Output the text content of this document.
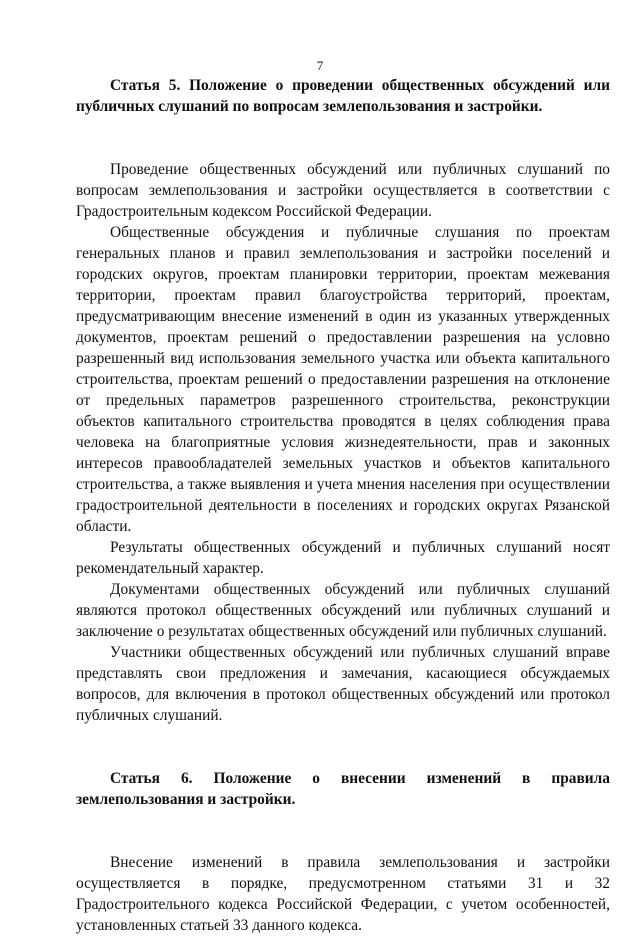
7

Статья 5. Положение о проведении общественных обсуждений или публичных слушаний по вопросам землепользования и застройки.

Проведение общественных обсуждений или публичных слушаний по вопросам землепользования и застройки осуществляется в соответствии с Градостроительным кодексом Российской Федерации.

Общественные обсуждения и публичные слушания по проектам генеральных планов и правил землепользования и застройки поселений и городских округов, проектам планировки территории, проектам межевания территории, проектам правил благоустройства территорий, проектам, предусматривающим внесение изменений в один из указанных утвержденных документов, проектам решений о предоставлении разрешения на условно разрешенный вид использования земельного участка или объекта капитального строительства, проектам решений о предоставлении разрешения на отклонение от предельных параметров разрешенного строительства, реконструкции объектов капитального строительства проводятся в целях соблюдения права человека на благоприятные условия жизнедеятельности, прав и законных интересов правообладателей земельных участков и объектов капитального строительства, а также выявления и учета мнения населения при осуществлении градостроительной деятельности в поселениях и городских округах Рязанской области.

Результаты общественных обсуждений и публичных слушаний носят рекомендательный характер.

Документами общественных обсуждений или публичных слушаний являются протокол общественных обсуждений или публичных слушаний и заключение о результатах общественных обсуждений или публичных слушаний.

Участники общественных обсуждений или публичных слушаний вправе представлять свои предложения и замечания, касающиеся обсуждаемых вопросов, для включения в протокол общественных обсуждений или протокол публичных слушаний.

Статья 6. Положение о внесении изменений в правила землепользования и застройки.

Внесение изменений в правила землепользования и застройки осуществляется в порядке, предусмотренном статьями 31 и 32 Градостроительного кодекса Российской Федерации, с учетом особенностей, установленных статьей 33 данного кодекса.
